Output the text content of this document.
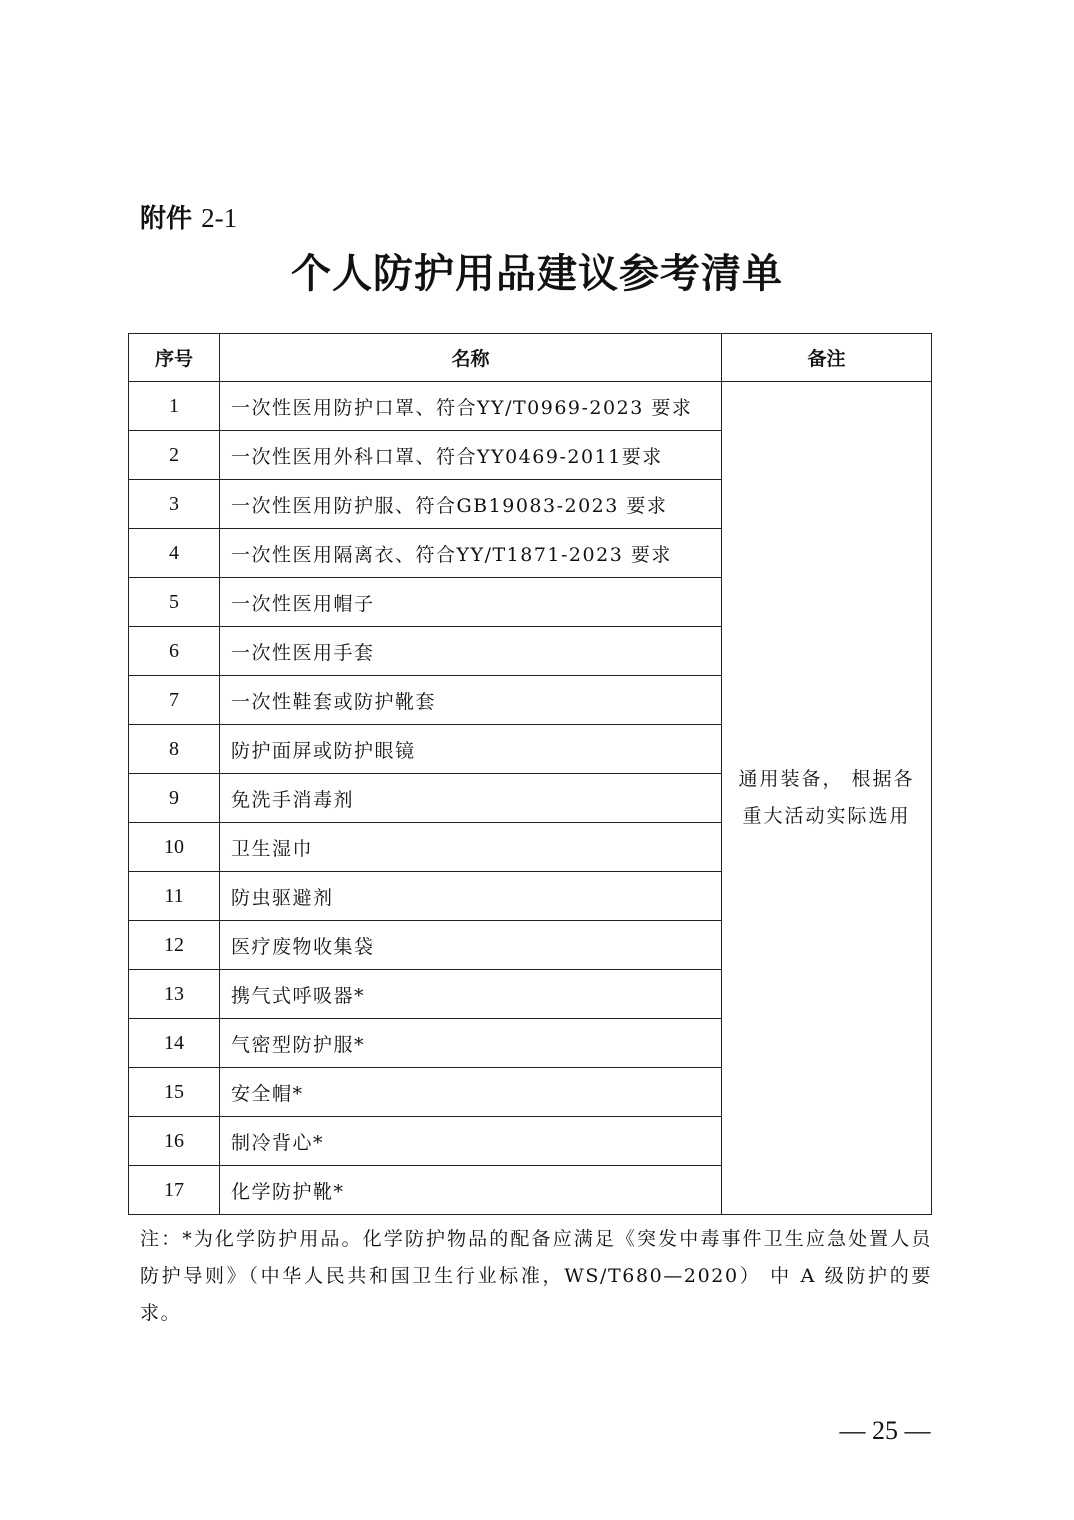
附件 2-1
个人防护用品建议参考清单
序号	名称	备注
1	一次性医用防护口罩、符合YY/T0969-2023 要求	通用装备， 根据各重大活动实际选用
2	一次性医用外科口罩、符合YY0469-2011要求	
3	一次性医用防护服、符合GB19083-2023 要求	
4	一次性医用隔离衣、符合YY/T1871-2023 要求	
5	一次性医用帽子	
6	一次性医用手套	
7	一次性鞋套或防护靴套	
8	防护面屏或防护眼镜	
9	免洗手消毒剂	
10	卫生湿巾	
11	防虫驱避剂	
12	医疗废物收集袋	
13	携气式呼吸器*	
14	气密型防护服*	
15	安全帽*	
16	制冷背心*	
17	化学防护靴*	
注：*为化学防护用品。化学防护物品的配备应满足《突发中毒事件卫生应急处置人员防护导则》（中华人民共和国卫生行业标准，WS/T680—2020） 中 A 级防护的要求。
— 25 —
